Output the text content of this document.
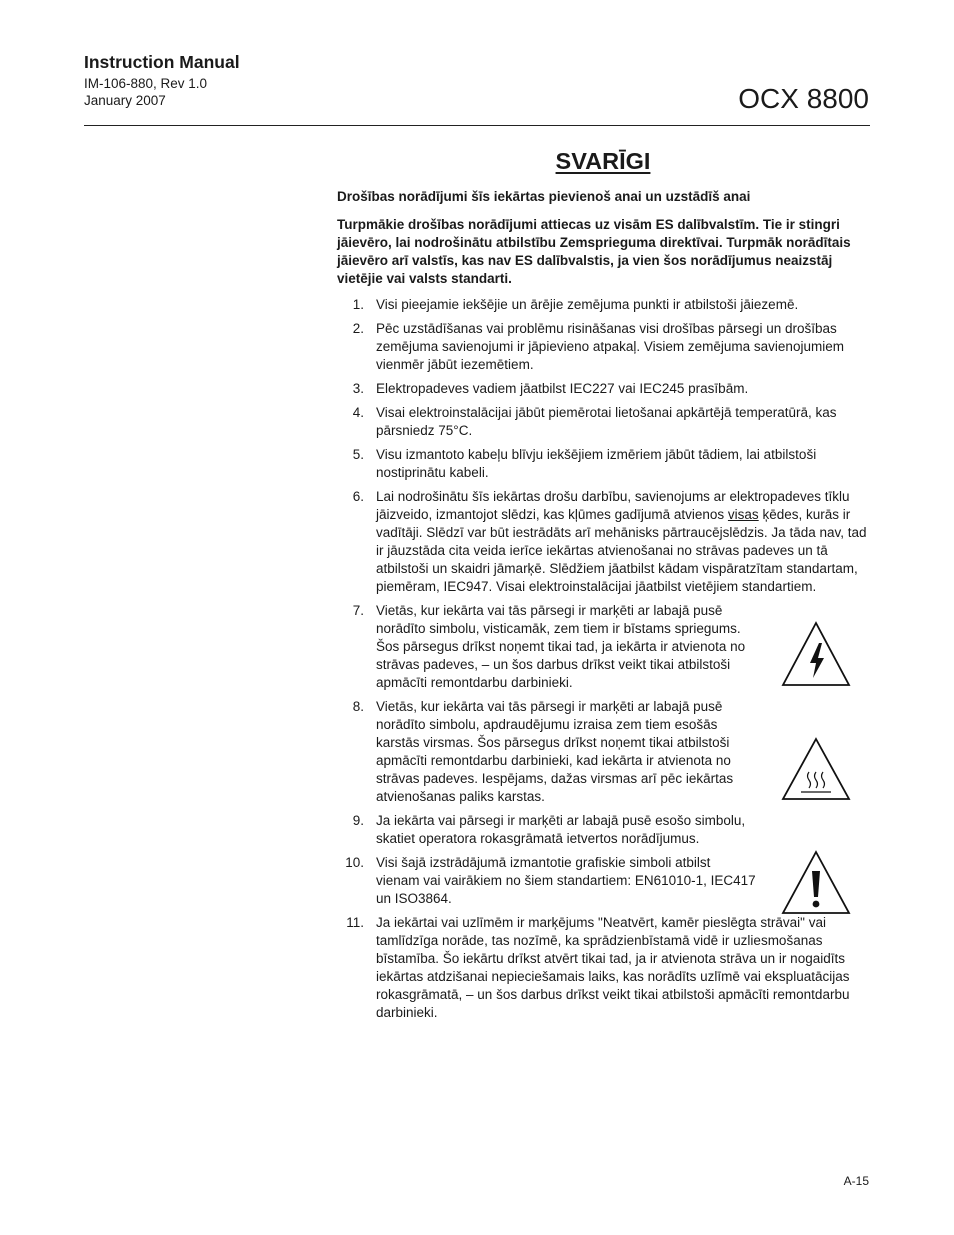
Instruction Manual
IM-106-880, Rev 1.0
January 2007	OCX 8800
SVARĪGI
Drošības norādījumi šīs iekārtas pievienoš anai un uzstādīš anai
Turpmākie drošības norādījumi attiecas uz visām ES dalībvalstīm. Tie ir stingri jāievēro, lai nodrošinātu atbilstību Zemsprieguma direktīvai. Turpmāk norādītais jāievēro arī valstīs, kas nav ES dalībvalstis, ja vien šos norādījumus neaizstāj vietējie vai valsts standarti.
1. Visi pieejamie iekšējie un ārējie zemējuma punkti ir atbilstoši jāiezemē.
2. Pēc uzstādīšanas vai problēmu risināšanas visi drošības pārsegi un drošības zemējuma savienojumi ir jāpievieno atpakaļ. Visiem zemējuma savienojumiem vienmēr jābūt iezemētiem.
3. Elektropadeves vadiem jāatbilst IEC227 vai IEC245 prasībām.
4. Visai elektroinstalācijai jābūt piemērotai lietošanai apkārtējā temperatūrā, kas pārsniedz 75°C.
5. Visu izmantoto kabeļu blīvju iekšējiem izmēriem jābūt tādiem, lai atbilstoši nostiprinātu kabeli.
6. Lai nodrošinātu šīs iekārtas drošu darbību, savienojums ar elektropadeves tīklu jāizveido, izmantojot slēdzi, kas kļūmes gadījumā atvienos visas ķēdes, kurās ir vadītāji. Slēdzī var būt iestrādāts arī mehānisks pārtraucējslēdzis. Ja tāda nav, tad ir jāuzstāda cita veida ierīce iekārtas atvienošanai no strāvas padeves un tā atbilstoši un skaidri jāmarķē. Slēdžiem jāatbilst kādam vispāratzītam standartam, piemēram, IEC947. Visai elektroinstalācijai jāatbilst vietējiem standartiem.
7. Vietās, kur iekārta vai tās pārsegi ir marķēti ar labajā pusē norādīto simbolu, visticamāk, zem tiem ir bīstams spriegums. Šos pārsegus drīkst noņemt tikai tad, ja iekārta ir atvienota no strāvas padeves, – un šos darbus drīkst veikt tikai atbilstoši apmācīti remontdarbu darbinieki.
8. Vietās, kur iekārta vai tās pārsegi ir marķēti ar labajā pusē norādīto simbolu, apdraudējumu izraisa zem tiem esošās karstās virsmas. Šos pārsegus drīkst noņemt tikai atbilstoši apmācīti remontdarbu darbinieki, kad iekārta ir atvienota no strāvas padeves. Iespējams, dažas virsmas arī pēc iekārtas atvienošanas paliks karstas.
9. Ja iekārta vai pārsegi ir marķēti ar labajā pusē esošo simbolu, skatiet operatora rokasgrāmatā ietvertos norādījumus.
10. Visi šajā izstrādājumā izmantotie grafiskie simboli atbilst vienam vai vairākiem no šiem standartiem: EN61010-1, IEC417 un ISO3864.
11. Ja iekārtai vai uzlīmēm ir marķējums "Neatvērt, kamēr pieslēgta strāvai" vai tamlīdzīga norāde, tas nozīmē, ka sprādzienbīstamā vidē ir uzliesmošanas bīstamība. Šo iekārtu drīkst atvērt tikai tad, ja ir atvienota strāva un ir nogaidīts iekārtas atdzišanai nepieciešamais laiks, kas norādīts uzlīmē vai ekspluatācijas rokasgrāmatā, – un šos darbus drīkst veikt tikai atbilstoši apmācīti remontdarbu darbinieki.
A-15
